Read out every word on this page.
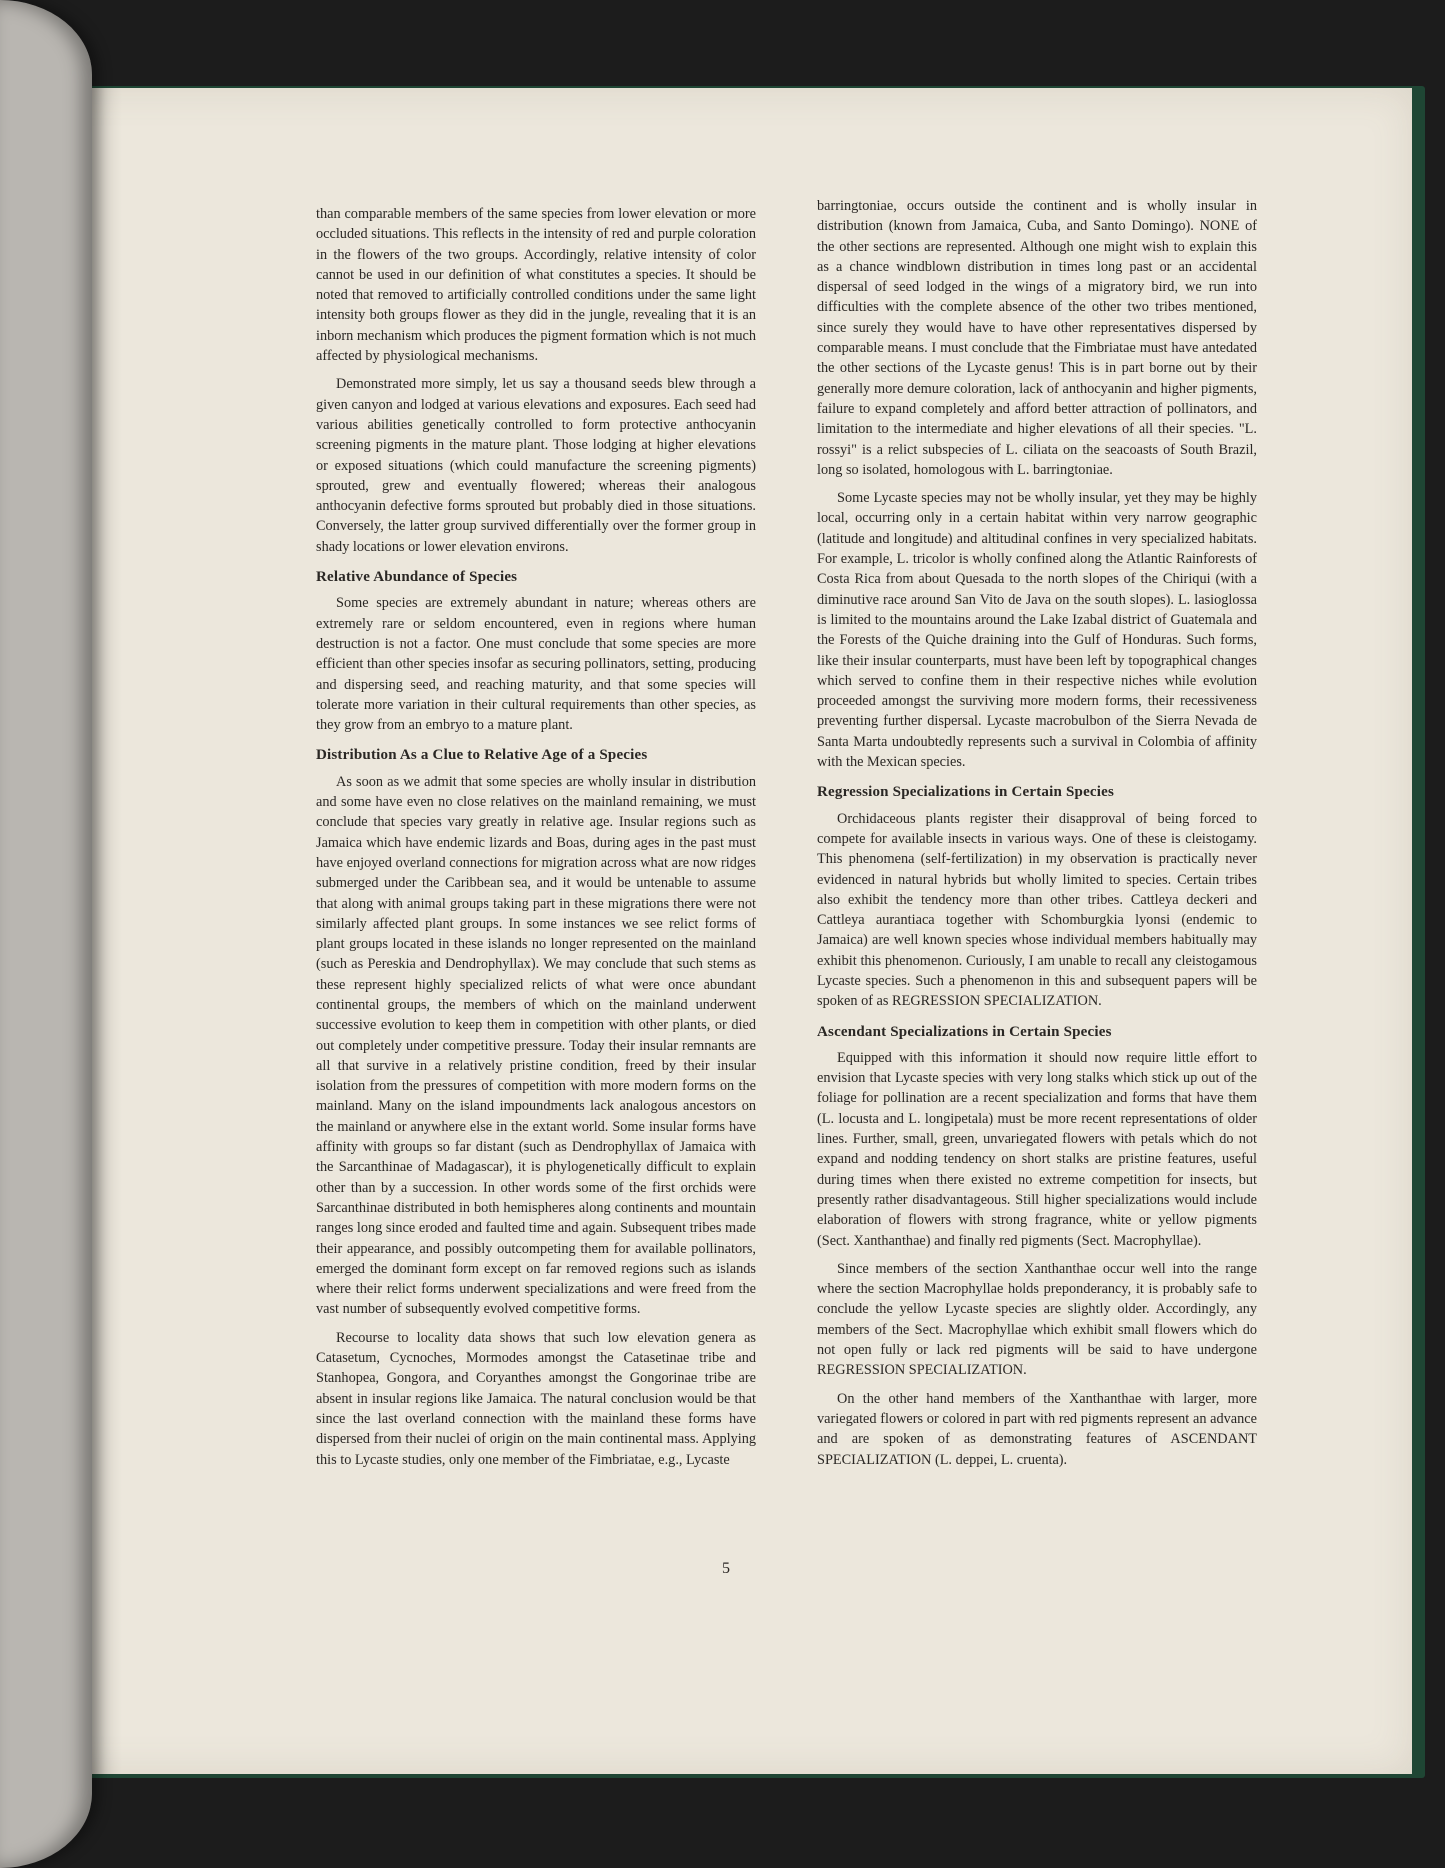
than comparable members of the same species from lower elevation or more occluded situations. This reflects in the intensity of red and purple coloration in the flowers of the two groups. Accordingly, relative intensity of color cannot be used in our definition of what constitutes a species. It should be noted that removed to artificially controlled conditions under the same light intensity both groups flower as they did in the jungle, revealing that it is an inborn mechanism which produces the pigment formation which is not much affected by physiological mechanisms.

Demonstrated more simply, let us say a thousand seeds blew through a given canyon and lodged at various elevations and exposures. Each seed had various abilities genetically controlled to form protective anthocyanin screening pigments in the mature plant. Those lodging at higher elevations or exposed situations (which could manufacture the screening pigments) sprouted, grew and eventually flowered; whereas their analogous anthocyanin defective forms sprouted but probably died in those situations. Conversely, the latter group survived differentially over the former group in shady locations or lower elevation environs.

Relative Abundance of Species

Some species are extremely abundant in nature; whereas others are extremely rare or seldom encountered, even in regions where human destruction is not a factor. One must conclude that some species are more efficient than other species insofar as securing pollinators, setting, producing and dispersing seed, and reaching maturity, and that some species will tolerate more variation in their cultural requirements than other species, as they grow from an embryo to a mature plant.

Distribution As a Clue to Relative Age of a Species

As soon as we admit that some species are wholly insular in distribution and some have even no close relatives on the mainland remaining, we must conclude that species vary greatly in relative age. Insular regions such as Jamaica which have endemic lizards and Boas, during ages in the past must have enjoyed overland connections for migration across what are now ridges submerged under the Caribbean sea, and it would be untenable to assume that along with animal groups taking part in these migrations there were not similarly affected plant groups. In some instances we see relict forms of plant groups located in these islands no longer represented on the mainland (such as Pereskia and Dendrophyllax). We may conclude that such stems as these represent highly specialized relicts of what were once abundant continental groups, the members of which on the mainland underwent successive evolution to keep them in competition with other plants, or died out completely under competitive pressure. Today their insular remnants are all that survive in a relatively pristine condition, freed by their insular isolation from the pressures of competition with more modern forms on the mainland. Many on the island impoundments lack analogous ancestors on the mainland or anywhere else in the extant world. Some insular forms have affinity with groups so far distant (such as Dendrophyllax of Jamaica with the Sarcanthinae of Madagascar), it is phylogenetically difficult to explain other than by a succession. In other words some of the first orchids were Sarcanthinae distributed in both hemispheres along continents and mountain ranges long since eroded and faulted time and again. Subsequent tribes made their appearance, and possibly outcompeting them for available pollinators, emerged the dominant form except on far removed regions such as islands where their relict forms underwent specializations and were freed from the vast number of subsequently evolved competitive forms.

Recourse to locality data shows that such low elevation genera as Catasetum, Cycnoches, Mormodes amongst the Catasetinae tribe and Stanhopea, Gongora, and Coryanthes amongst the Gongorinae tribe are absent in insular regions like Jamaica. The natural conclusion would be that since the last overland connection with the mainland these forms have dispersed from their nuclei of origin on the main continental mass. Applying this to Lycaste studies, only one member of the Fimbriatae, e.g., Lycaste

barringtoniae, occurs outside the continent and is wholly insular in distribution (known from Jamaica, Cuba, and Santo Domingo). NONE of the other sections are represented. Although one might wish to explain this as a chance windblown distribution in times long past or an accidental dispersal of seed lodged in the wings of a migratory bird, we run into difficulties with the complete absence of the other two tribes mentioned, since surely they would have to have other representatives dispersed by comparable means. I must conclude that the Fimbriatae must have antedated the other sections of the Lycaste genus! This is in part borne out by their generally more demure coloration, lack of anthocyanin and higher pigments, failure to expand completely and afford better attraction of pollinators, and limitation to the intermediate and higher elevations of all their species. "L. rossyi" is a relict subspecies of L. ciliata on the seacoasts of South Brazil, long so isolated, homologous with L. barringtoniae.

Some Lycaste species may not be wholly insular, yet they may be highly local, occurring only in a certain habitat within very narrow geographic (latitude and longitude) and altitudinal confines in very specialized habitats. For example, L. tricolor is wholly confined along the Atlantic Rainforests of Costa Rica from about Quesada to the north slopes of the Chiriqui (with a diminutive race around San Vito de Java on the south slopes). L. lasioglossa is limited to the mountains around the Lake Izabal district of Guatemala and the Forests of the Quiche draining into the Gulf of Honduras. Such forms, like their insular counterparts, must have been left by topographical changes which served to confine them in their respective niches while evolution proceeded amongst the surviving more modern forms, their recessiveness preventing further dispersal. Lycaste macrobulbon of the Sierra Nevada de Santa Marta undoubtedly represents such a survival in Colombia of affinity with the Mexican species.

Regression Specializations in Certain Species

Orchidaceous plants register their disapproval of being forced to compete for available insects in various ways. One of these is cleistogamy. This phenomena (self-fertilization) in my observation is practically never evidenced in natural hybrids but wholly limited to species. Certain tribes also exhibit the tendency more than other tribes. Cattleya deckeri and Cattleya aurantiaca together with Schomburgkia lyonsi (endemic to Jamaica) are well known species whose individual members habitually may exhibit this phenomenon. Curiously, I am unable to recall any cleistogamous Lycaste species. Such a phenomenon in this and subsequent papers will be spoken of as REGRESSION SPECIALIZATION.

Ascendant Specializations in Certain Species

Equipped with this information it should now require little effort to envision that Lycaste species with very long stalks which stick up out of the foliage for pollination are a recent specialization and forms that have them (L. locusta and L. longipetala) must be more recent representations of older lines. Further, small, green, unvariegated flowers with petals which do not expand and nodding tendency on short stalks are pristine features, useful during times when there existed no extreme competition for insects, but presently rather disadvantageous. Still higher specializations would include elaboration of flowers with strong fragrance, white or yellow pigments (Sect. Xanthanthae) and finally red pigments (Sect. Macrophyllae).

Since members of the section Xanthanthae occur well into the range where the section Macrophyllae holds preponderancy, it is probably safe to conclude the yellow Lycaste species are slightly older. Accordingly, any members of the Sect. Macrophyllae which exhibit small flowers which do not open fully or lack red pigments will be said to have undergone REGRESSION SPECIALIZATION.

On the other hand members of the Xanthanthae with larger, more variegated flowers or colored in part with red pigments represent an advance and are spoken of as demonstrating features of ASCENDANT SPECIALIZATION (L. deppei, L. cruenta).

5
